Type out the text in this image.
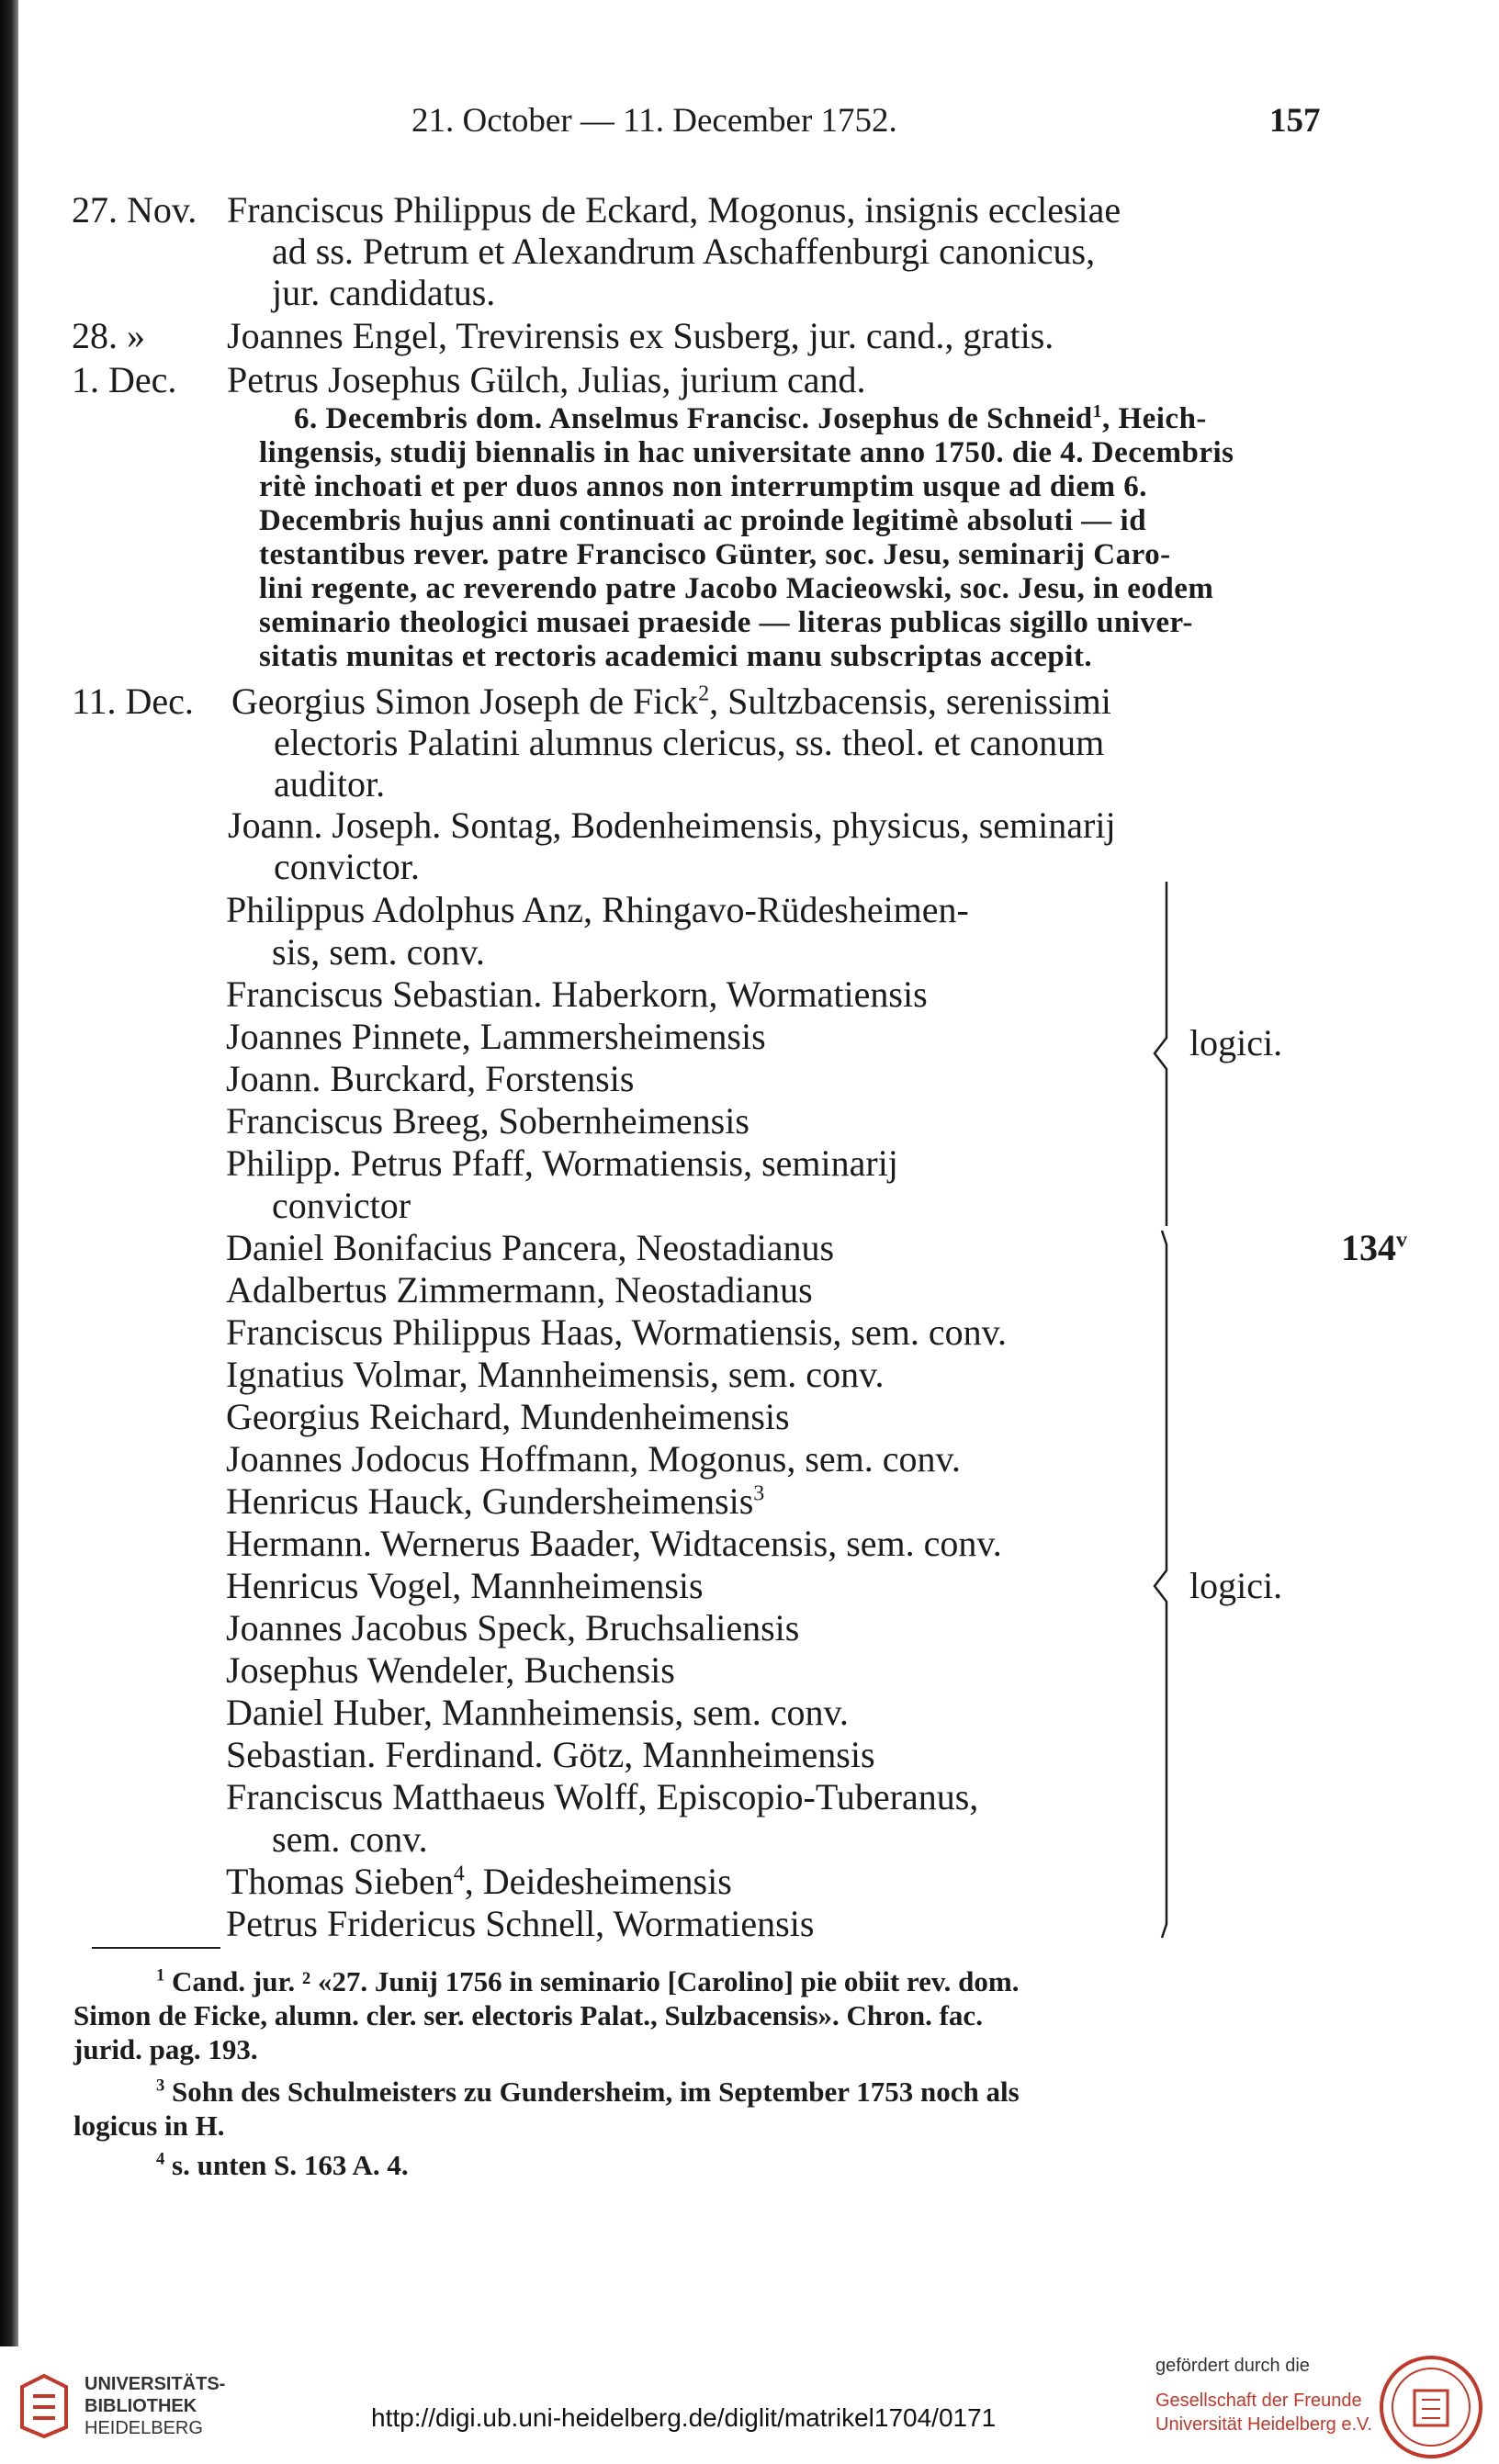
21. October — 11. December 1752.	157
27. Nov. Franciscus Philippus de Eckard, Mogonus, insignis ecclesiae
ad ss. Petrum et Alexandrum Aschaffenburgi canonicus,
jur. candidatus.
28. » Joannes Engel, Trevirensis ex Susberg, jur. cand., gratis.
1. Dec. Petrus Josephus Gülch, Julias, jurium cand.
6. Decembris dom. Anselmus Francisc. Josephus de Schneid$^1$, Heich-
lingensis, studij biennalis in hac universitate anno 1750. die 4. Decembris
ritè inchoati et per duos annos non interrumptim usque ad diem 6.
Decembris hujus anni continuati ac proinde legitimè absoluti — id
testantibus rever. patre Francisco Günter, soc. Jesu, seminarij Caro-
lini regente, ac reverendo patre Jacobo Macieowski, soc. Jesu, in eodem
seminario theologici musaei praeside — literas publicas sigillo univer-
sitatis munitas et rectoris academici manu subscriptas accepit.
11. Dec. Georgius Simon Joseph de Fick$^2$, Sultzbacensis, serenissimi
electoris Palatini alumnus clericus, ss. theol. et canonum
auditor.
Joann. Joseph. Sontag, Bodenheimensis, physicus, seminarij
convictor.
Philippus Adolphus Anz, Rhingavo-Rüdesheimen-
sis, sem. conv.
Franciscus Sebastian. Haberkorn, Wormatiensis
Joannes Pinnete, Lammersheimensis
Joann. Burckard, Forstensis
Franciscus Breeg, Sobernheimensis
Philipp. Petrus Pfaff, Wormatiensis, seminarij
convictor
logici.
Daniel Bonifacius Pancera, Neostadianus
Adalbertus Zimmermann, Neostadianus
Franciscus Philippus Haas, Wormatiensis, sem. conv.
Ignatius Volmar, Mannheimensis, sem. conv.
Georgius Reichard, Mundenheimensis
Joannes Jodocus Hoffmann, Mogonus, sem. conv.
Henricus Hauck, Gundersheimensis$^3$
Hermann. Wernerus Baader, Widtacensis, sem. conv.
Henricus Vogel, Mannheimensis
Joannes Jacobus Speck, Bruchsaliensis
Josephus Wendeler, Buchensis
Daniel Huber, Mannheimensis, sem. conv.
Sebastian. Ferdinand. Götz, Mannheimensis
Franciscus Matthaeus Wolff, Episcopio-Tuberanus,
sem. conv.
Thomas Sieben$^4$, Deidesheimensis
Petrus Fridericus Schnell, Wormatiensis
logici.
134$^v$
$^1$ Cand. jur. ² «27. Junij 1756 in seminario [Carolino] pie obiit rev. dom.
Simon de Ficke, alumn. cler. ser. electoris Palat., Sulzbacensis». Chron. fac.
jurid. pag. 193.
$^3$ Sohn des Schulmeisters zu Gundersheim, im September 1753 noch als
logicus in H.
$^4$ s. unten S. 163 A. 4.
UNIVERSITÄTS-
BIBLIOTHEK
HEIDELBERG	http://digi.ub.uni-heidelberg.de/diglit/matrikel1704/0171
gefördert durch die
Gesellschaft der Freunde
Universität Heidelberg e.V.
